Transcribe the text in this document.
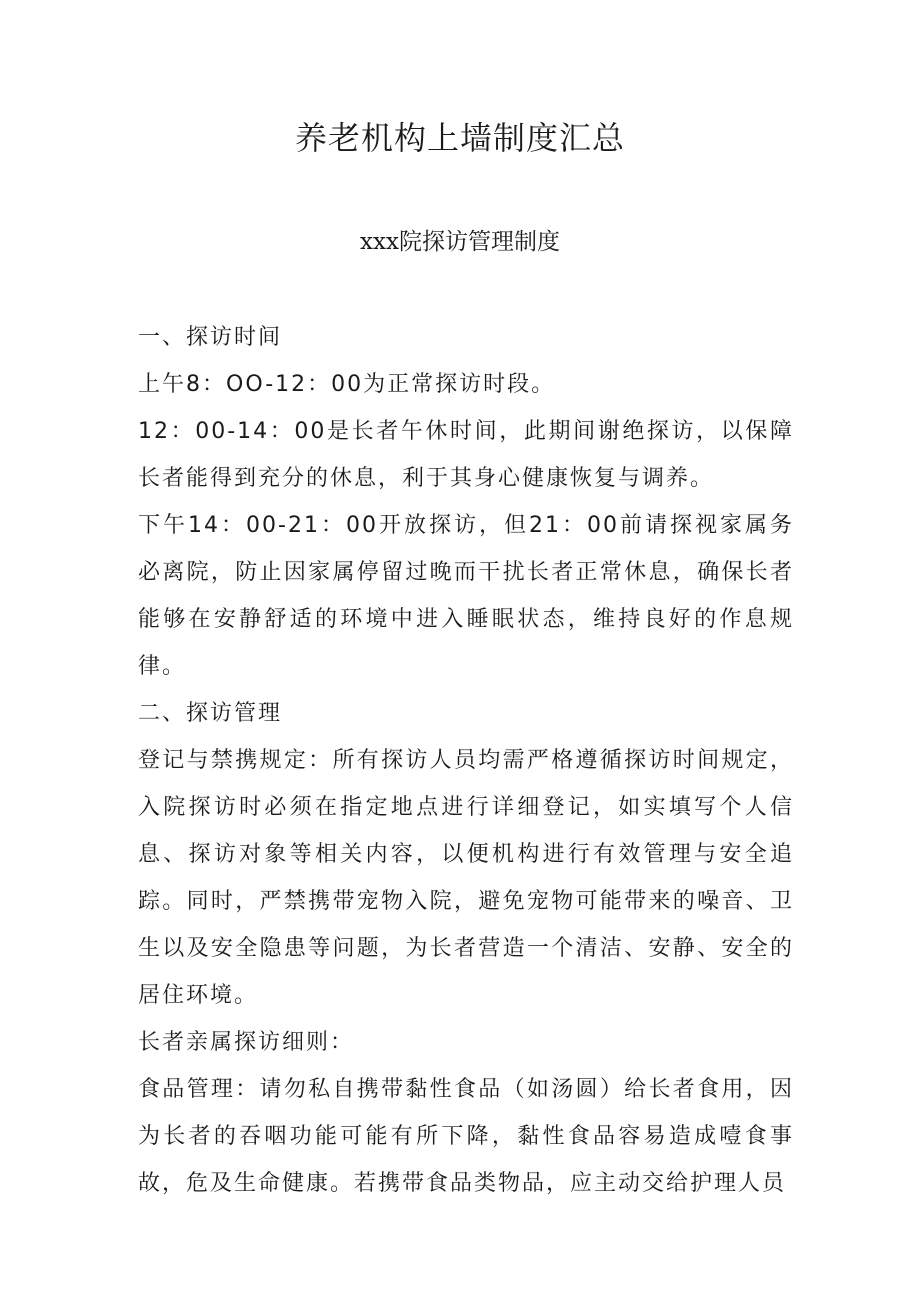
养老机构上墙制度汇总
xxx院探访管理制度

一、探访时间

上午8：OO-12：00为正常探访时段。

12：00-14：00是长者午休时间，此期间谢绝探访，以保障长者能得到充分的休息，利于其身心健康恢复与调养。

下午14：00-21：00开放探访，但21：00前请探视家属务必离院，防止因家属停留过晚而干扰长者正常休息，确保长者能够在安静舒适的环境中进入睡眠状态，维持良好的作息规律。

二、探访管理

登记与禁携规定：所有探访人员均需严格遵循探访时间规定，入院探访时必须在指定地点进行详细登记，如实填写个人信息、探访对象等相关内容，以便机构进行有效管理与安全追踪。同时，严禁携带宠物入院，避免宠物可能带来的噪音、卫生以及安全隐患等问题，为长者营造一个清洁、安静、安全的居住环境。

长者亲属探访细则：

食品管理：请勿私自携带黏性食品（如汤圆）给长者食用，因为长者的吞咽功能可能有所下降，黏性食品容易造成噎食事故，危及生命健康。若携带食品类物品，应主动交给护理人员
